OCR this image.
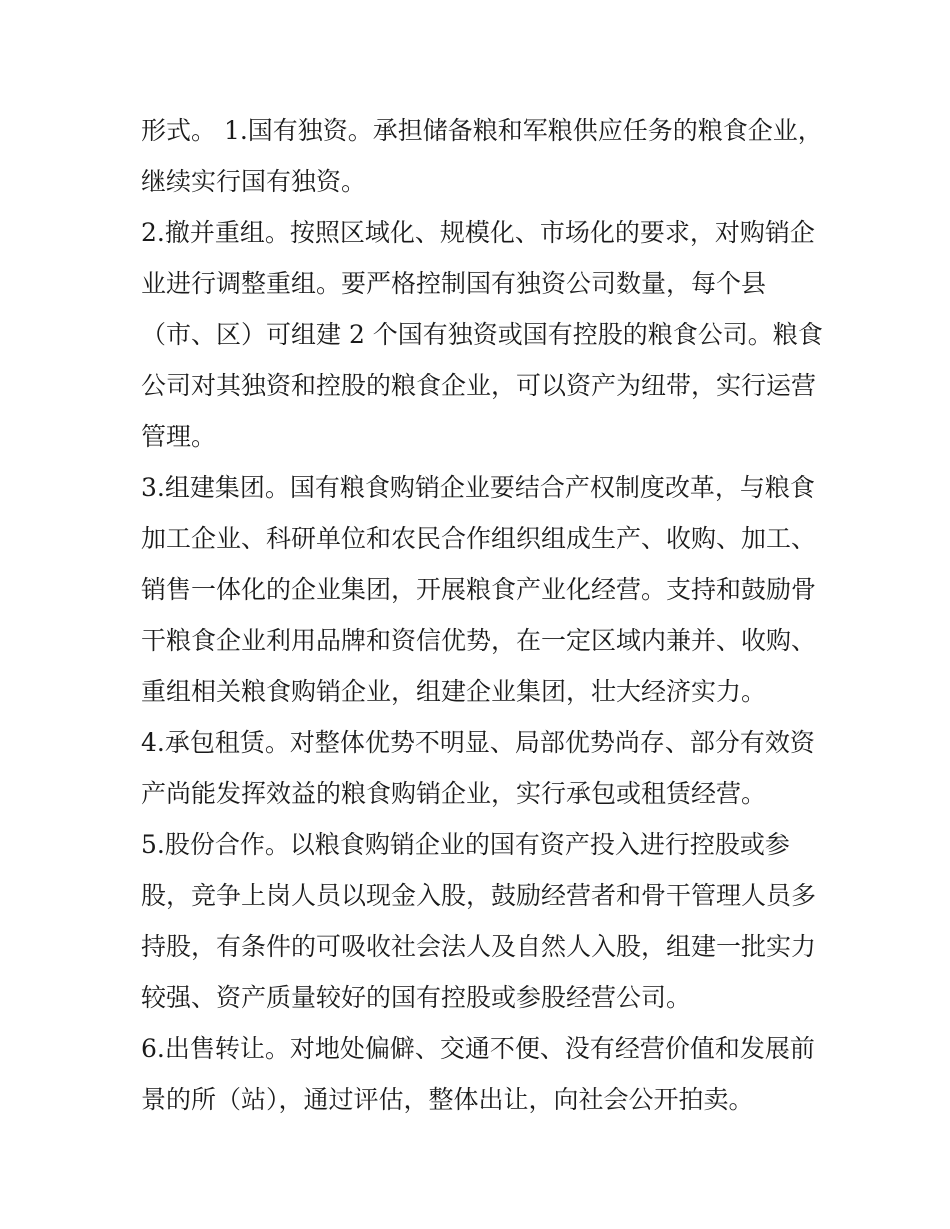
形式。 1.国有独资。承担储备粮和军粮供应任务的粮食企业，
继续实行国有独资。
2.撤并重组。按照区域化、规模化、市场化的要求，对购销企
业进行调整重组。要严格控制国有独资公司数量，每个县
（市、区）可组建 2 个国有独资或国有控股的粮食公司。粮食
公司对其独资和控股的粮食企业，可以资产为纽带，实行运营
管理。
3.组建集团。国有粮食购销企业要结合产权制度改革，与粮食
加工企业、科研单位和农民合作组织组成生产、收购、加工、
销售一体化的企业集团，开展粮食产业化经营。支持和鼓励骨
干粮食企业利用品牌和资信优势，在一定区域内兼并、收购、
重组相关粮食购销企业，组建企业集团，壮大经济实力。
4.承包租赁。对整体优势不明显、局部优势尚存、部分有效资
产尚能发挥效益的粮食购销企业，实行承包或租赁经营。
5.股份合作。以粮食购销企业的国有资产投入进行控股或参
股，竞争上岗人员以现金入股，鼓励经营者和骨干管理人员多
持股，有条件的可吸收社会法人及自然人入股，组建一批实力
较强、资产质量较好的国有控股或参股经营公司。
6.出售转让。对地处偏僻、交通不便、没有经营价值和发展前
景的所（站），通过评估，整体出让，向社会公开拍卖。
